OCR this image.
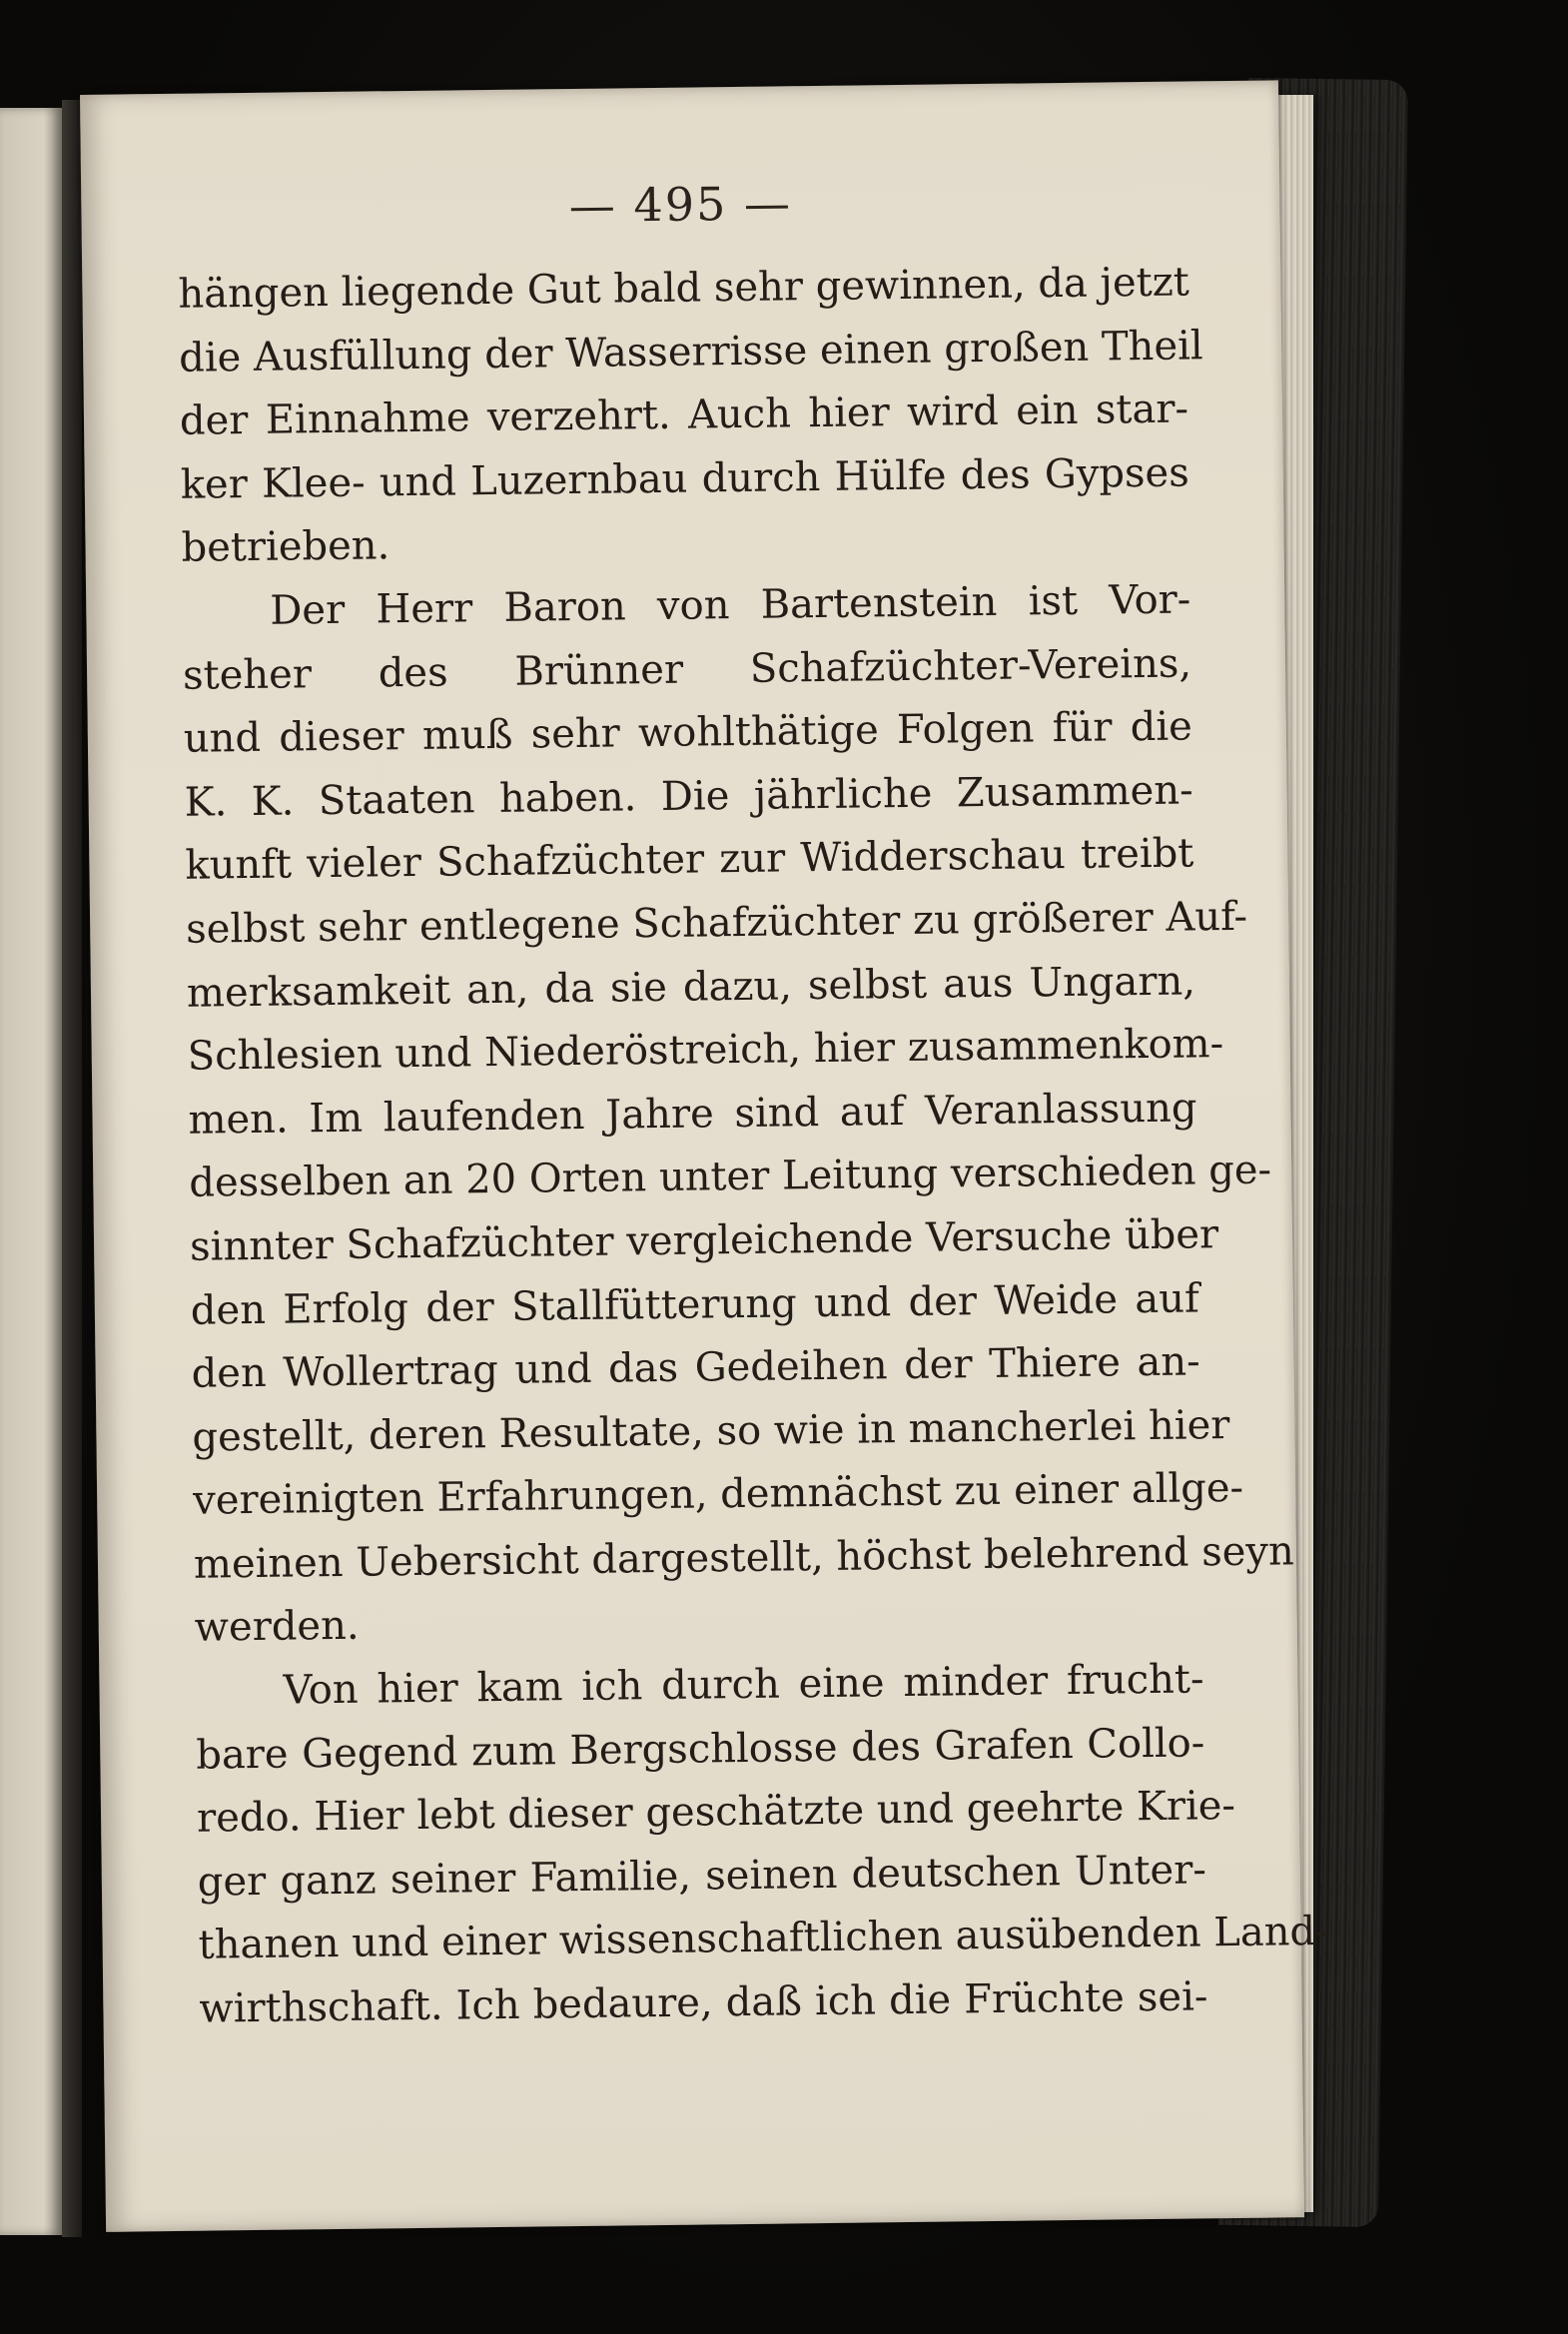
— 495 —
hängen liegende Gut bald sehr gewinnen, da jetzt
die Ausfüllung der Wasserrisse einen großen Theil
der Einnahme verzehrt. Auch hier wird ein star-
ker Klee- und Luzernbau durch Hülfe des Gypses
betrieben.
Der Herr Baron von Bartenstein ist Vor-
steher des Brünner Schafzüchter-Vereins,
und dieser muß sehr wohlthätige Folgen für die
K. K. Staaten haben. Die jährliche Zusammen-
kunft vieler Schafzüchter zur Widderschau treibt
selbst sehr entlegene Schafzüchter zu größerer Auf-
merksamkeit an, da sie dazu, selbst aus Ungarn,
Schlesien und Niederöstreich, hier zusammenkom-
men. Im laufenden Jahre sind auf Veranlassung
desselben an 20 Orten unter Leitung verschieden ge-
sinnter Schafzüchter vergleichende Versuche über
den Erfolg der Stallfütterung und der Weide auf
den Wollertrag und das Gedeihen der Thiere an-
gestellt, deren Resultate, so wie in mancherlei hier
vereinigten Erfahrungen, demnächst zu einer allge-
meinen Uebersicht dargestellt, höchst belehrend seyn
werden.
Von hier kam ich durch eine minder frucht-
bare Gegend zum Bergschlosse des Grafen Collo-
redo. Hier lebt dieser geschätzte und geehrte Krie-
ger ganz seiner Familie, seinen deutschen Unter-
thanen und einer wissenschaftlichen ausübenden Land-
wirthschaft. Ich bedaure, daß ich die Früchte sei-
